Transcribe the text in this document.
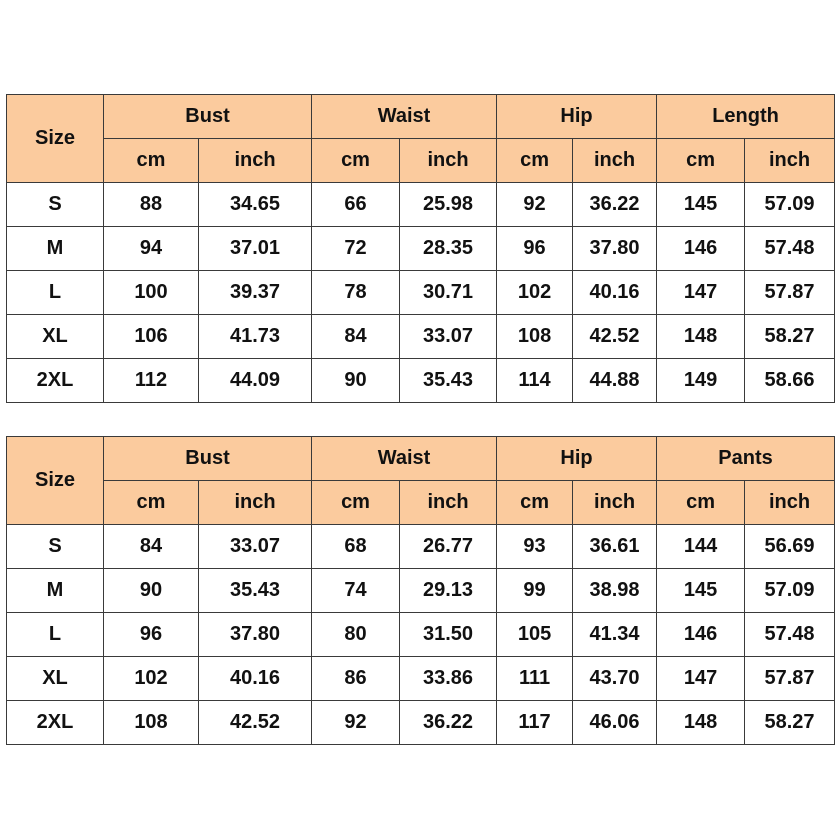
Size	Bust		Waist		Hip		Length	
	cm	inch	cm	inch	cm	inch	cm	inch
S	88	34.65	66	25.98	92	36.22	145	57.09
M	94	37.01	72	28.35	96	37.80	146	57.48
L	100	39.37	78	30.71	102	40.16	147	57.87
XL	106	41.73	84	33.07	108	42.52	148	58.27
2XL	112	44.09	90	35.43	114	44.88	149	58.66
Size	Bust		Waist		Hip		Pants	
	cm	inch	cm	inch	cm	inch	cm	inch
S	84	33.07	68	26.77	93	36.61	144	56.69
M	90	35.43	74	29.13	99	38.98	145	57.09
L	96	37.80	80	31.50	105	41.34	146	57.48
XL	102	40.16	86	33.86	111	43.70	147	57.87
2XL	108	42.52	92	36.22	117	46.06	148	58.27
